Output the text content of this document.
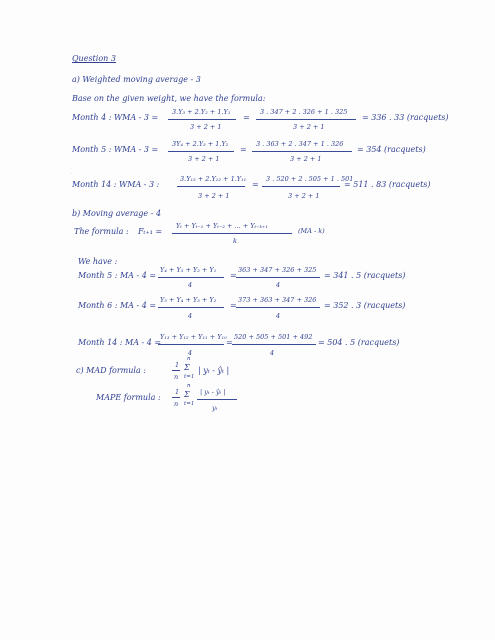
Question 3
a) Weighted moving average - 3
Base on the given weight, we have the formula:
Month 4 : WMA - 3 =
3.Y₃ + 2.Y₂ + 1.Y₁
3 + 2 + 1
=
3 . 347 + 2 . 326 + 1 . 325
3 + 2 + 1
= 336 . 33 (racquets)
Month 5 : WMA - 3 =
3Y₄ + 2.Y₃ + 1.Y₂
3 + 2 + 1
=
3 . 363 + 2 . 347 + 1 . 326
3 + 2 + 1
= 354 (racquets)
.
.
Month 14 : WMA - 3 :
3.Y₁₃ + 2.Y₁₂ + 1.Y₁₁
3 + 2 + 1
=
3 . 520 + 2 . 505 + 1 . 501
3 + 2 + 1
= 511 . 83 (racquets)
b) Moving average - 4
The formula : Fₜ₊₁ =
Yₜ + Yₜ₋₁ + Yₜ₋₂ + ... + Yₜ₋ₖ₊₁
k
(MA - k)
We have :
Month 5 : MA - 4 =
Y₄ + Y₃ + Y₂ + Y₁
4
=
363 + 347 + 326 + 325
4
= 341 . 5 (racquets)
Month 6 : MA - 4 =
Y₅ + Y₄ + Y₃ + Y₂
4
=
373 + 363 + 347 + 326
4
= 352 . 3 (racquets)
Month 14 : MA - 4 =
Y₁₃ + Y₁₂ + Y₁₁ + Y₁₀
4
=
520 + 505 + 501 + 492
4
= 504 . 5 (racquets)
c) MAD formula :
1
n
n
Σ
t=1
| yₜ - ŷₜ |
MAPE formula :
1
n
n
Σ
t=1
| yₜ - ŷₜ |
yₜ
